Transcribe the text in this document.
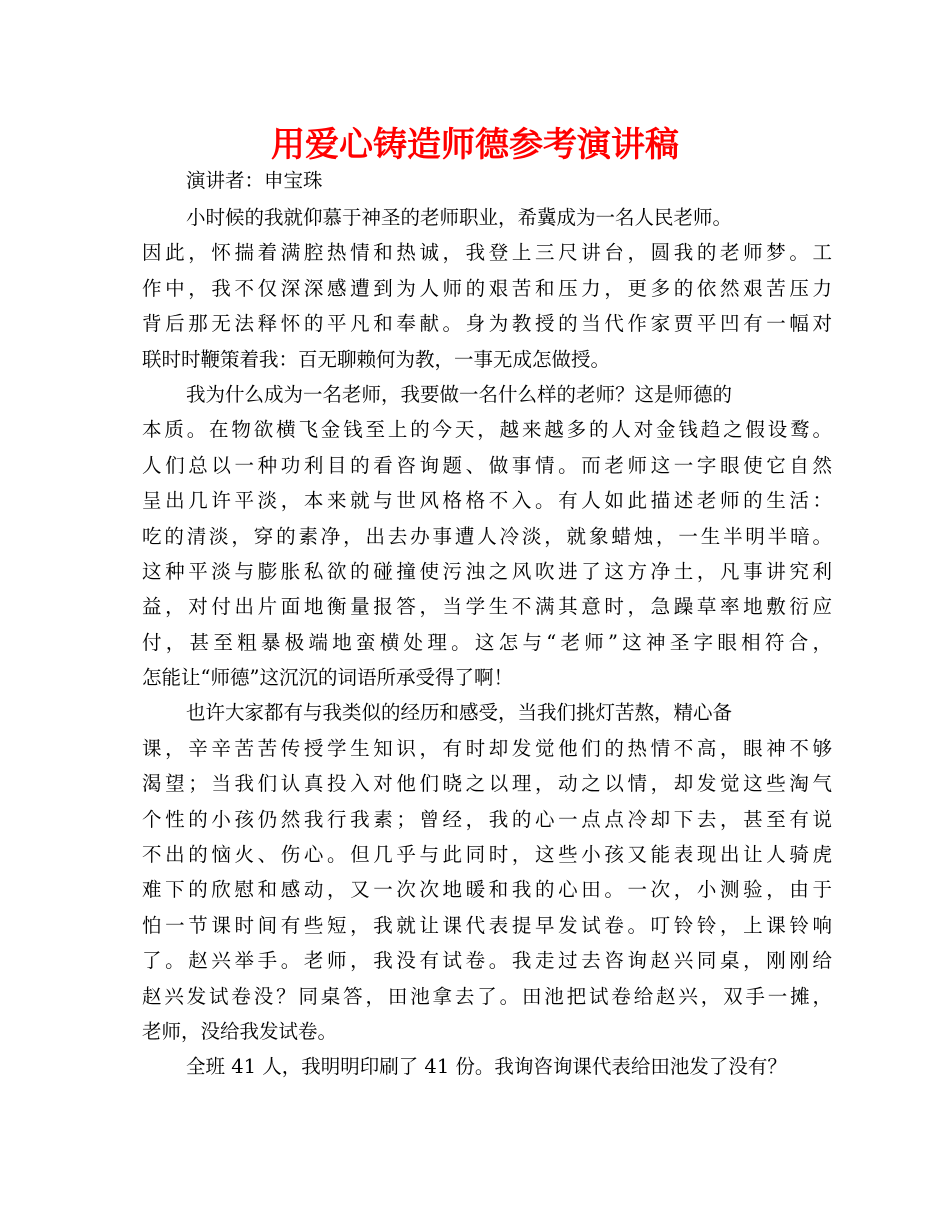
用爱心铸造师德参考演讲稿
演讲者：申宝珠
小时候的我就仰慕于神圣的老师职业，希冀成为一名人民老师。
因此，怀揣着满腔热情和热诚，我登上三尺讲台，圆我的老师梦。工
作中，我不仅深深感遭到为人师的艰苦和压力，更多的依然艰苦压力
背后那无法释怀的平凡和奉献。身为教授的当代作家贾平凹有一幅对
联时时鞭策着我：百无聊赖何为教，一事无成怎做授。
我为什么成为一名老师，我要做一名什么样的老师？这是师德的
本质。在物欲横飞金钱至上的今天，越来越多的人对金钱趋之假设鹜。
人们总以一种功利目的看咨询题、做事情。而老师这一字眼使它自然
呈出几许平淡，本来就与世风格格不入。有人如此描述老师的生活：
吃的清淡，穿的素净，出去办事遭人冷淡，就象蜡烛，一生半明半暗。
这种平淡与膨胀私欲的碰撞使污浊之风吹进了这方净土，凡事讲究利
益，对付出片面地衡量报答，当学生不满其意时，急躁草率地敷衍应
付，甚至粗暴极端地蛮横处理。这怎与“老师”这神圣字眼相符合，
怎能让“师德”这沉沉的词语所承受得了啊！
也许大家都有与我类似的经历和感受，当我们挑灯苦熬，精心备
课，辛辛苦苦传授学生知识，有时却发觉他们的热情不高，眼神不够
渴望；当我们认真投入对他们晓之以理，动之以情，却发觉这些淘气
个性的小孩仍然我行我素；曾经，我的心一点点冷却下去，甚至有说
不出的恼火、伤心。但几乎与此同时，这些小孩又能表现出让人骑虎
难下的欣慰和感动，又一次次地暖和我的心田。一次，小测验，由于
怕一节课时间有些短，我就让课代表提早发试卷。叮铃铃，上课铃响
了。赵兴举手。老师，我没有试卷。我走过去咨询赵兴同桌，刚刚给
赵兴发试卷没？同桌答，田池拿去了。田池把试卷给赵兴，双手一摊，
老师，没给我发试卷。
全班 41 人，我明明印刷了 41 份。我询咨询课代表给田池发了没有？
